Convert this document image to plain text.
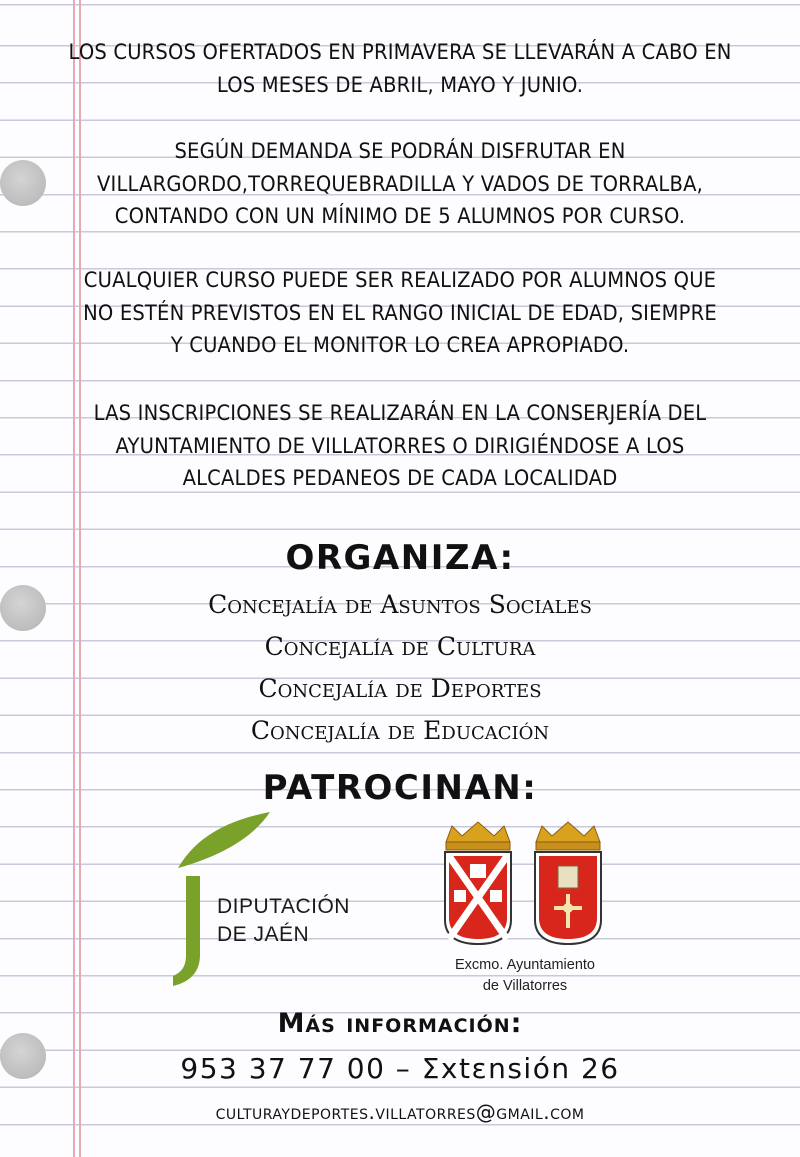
LOS CURSOS OFERTADOS EN PRIMAVERA SE LLEVARÁN A CABO EN
LOS MESES DE ABRIL, MAYO Y JUNIO.
SEGÚN DEMANDA SE PODRÁN DISFRUTAR EN
VILLARGORDO,TORREQUEBRADILLA Y VADOS DE TORRALBA,
CONTANDO CON UN MÍNIMO DE 5 ALUMNOS POR CURSO.
CUALQUIER CURSO PUEDE SER REALIZADO POR ALUMNOS QUE
NO ESTÉN PREVISTOS EN EL RANGO INICIAL DE EDAD, SIEMPRE
Y CUANDO EL MONITOR LO CREA APROPIADO.
LAS INSCRIPCIONES SE REALIZARÁN EN LA CONSERJERÍA DEL
AYUNTAMIENTO DE VILLATORRES O DIRIGIÉNDOSE A LOS
ALCALDES PEDANEOS DE CADA LOCALIDAD
ORGANIZA:
Concejalía de Asuntos Sociales
Concejalía de Cultura
Concejalía de Deportes
Concejalía de Educación
PATROCINAN:
DIPUTACIÓN
DE JAÉN
Excmo. Ayuntamiento
de Villatorres
Más información:
953 37 77 00 – Σxtεnsión 26
culturaydeportes.villatorres@gmail.com
